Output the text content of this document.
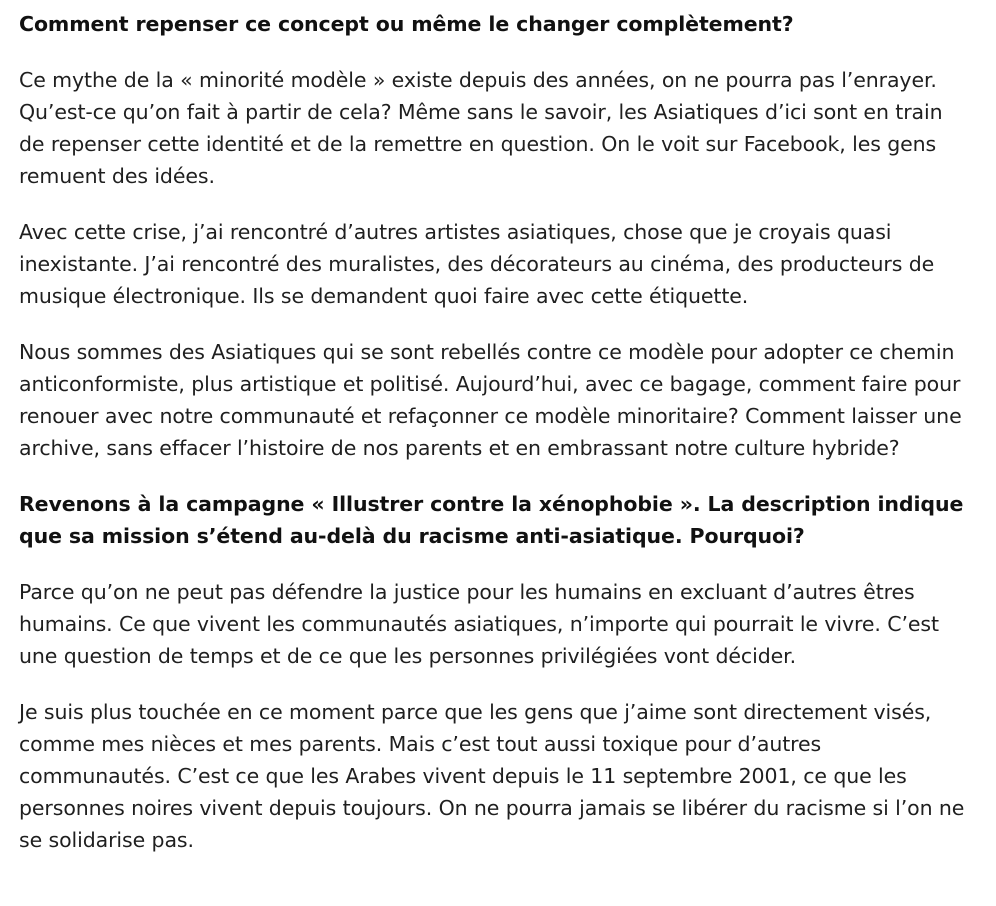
Comment repenser ce concept ou même le changer complètement?

Ce mythe de la « minorité modèle » existe depuis des années, on ne pourra pas l’enrayer. Qu’est-ce qu’on fait à partir de cela? Même sans le savoir, les Asiatiques d’ici sont en train de repenser cette identité et de la remettre en question. On le voit sur Facebook, les gens remuent des idées.

Avec cette crise, j’ai rencontré d’autres artistes asiatiques, chose que je croyais quasi inexistante. J’ai rencontré des muralistes, des décorateurs au cinéma, des producteurs de musique électronique. Ils se demandent quoi faire avec cette étiquette.

Nous sommes des Asiatiques qui se sont rebellés contre ce modèle pour adopter ce chemin anticonformiste, plus artistique et politisé. Aujourd’hui, avec ce bagage, comment faire pour renouer avec notre communauté et refaçonner ce modèle minoritaire? Comment laisser une archive, sans effacer l’histoire de nos parents et en embrassant notre culture hybride?

Revenons à la campagne « Illustrer contre la xénophobie ». La description indique que sa mission s’étend au-delà du racisme anti-asiatique. Pourquoi?

Parce qu’on ne peut pas défendre la justice pour les humains en excluant d’autres êtres humains. Ce que vivent les communautés asiatiques, n’importe qui pourrait le vivre. C’est une question de temps et de ce que les personnes privilégiées vont décider.

Je suis plus touchée en ce moment parce que les gens que j’aime sont directement visés, comme mes nièces et mes parents. Mais c’est tout aussi toxique pour d’autres communautés. C’est ce que les Arabes vivent depuis le 11 septembre 2001, ce que les personnes noires vivent depuis toujours. On ne pourra jamais se libérer du racisme si l’on ne se solidarise pas.
